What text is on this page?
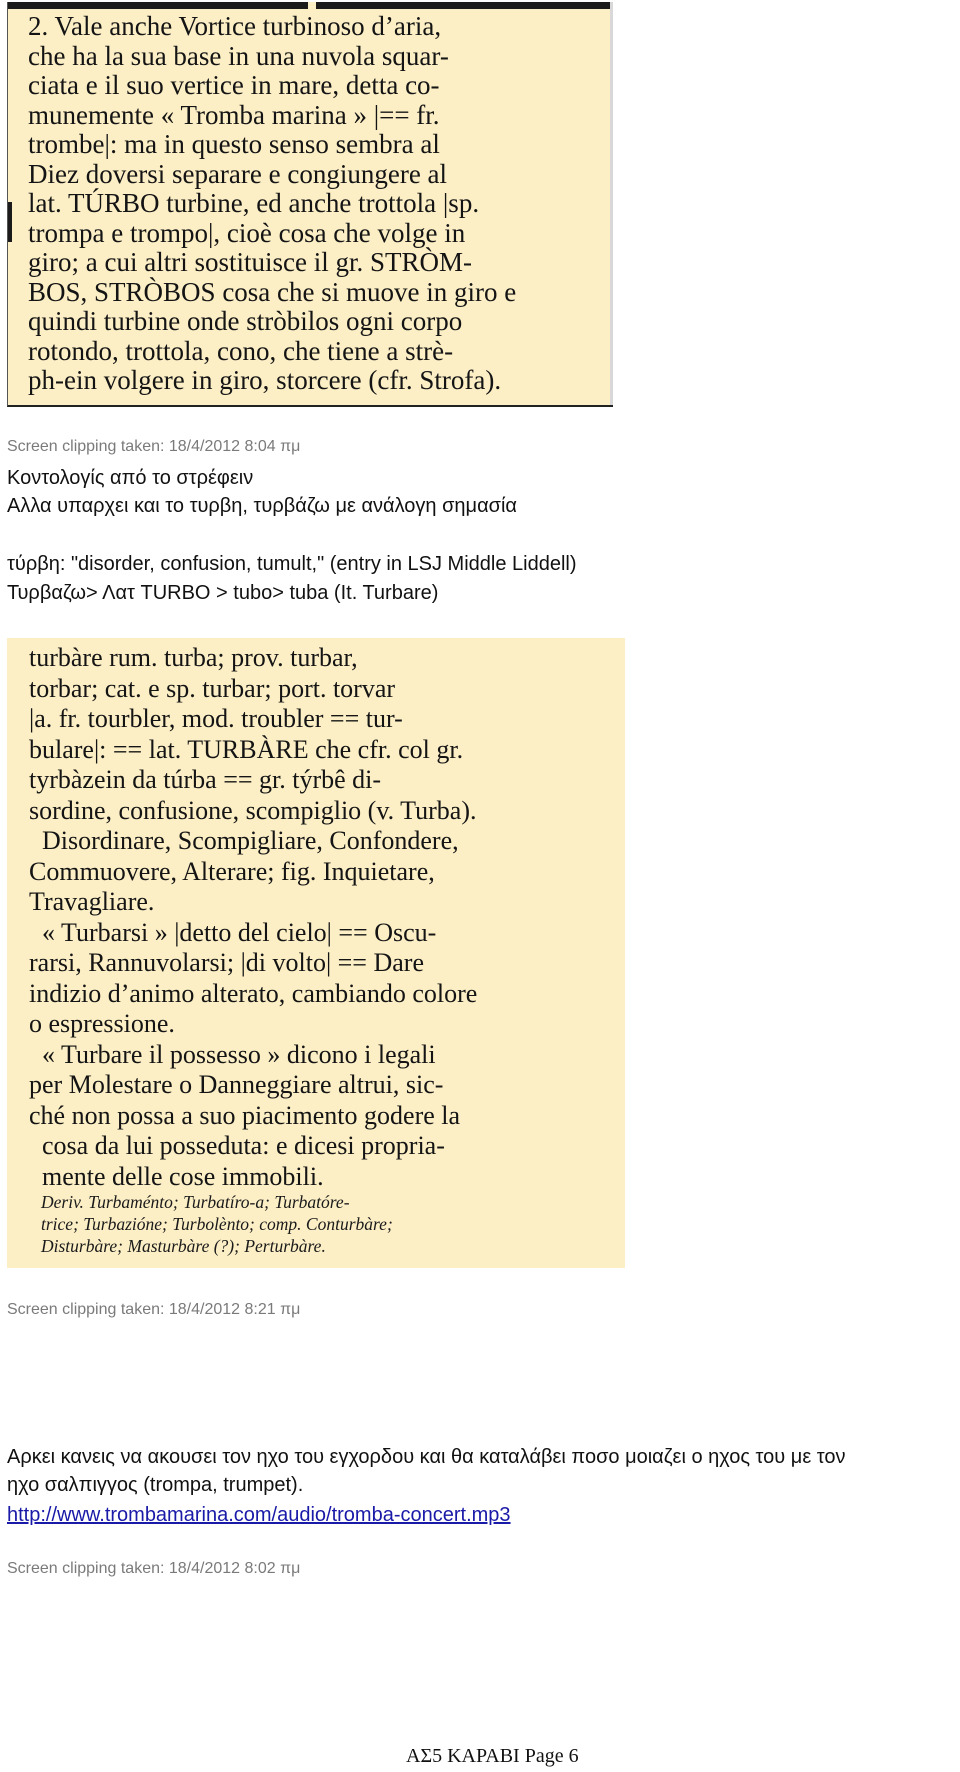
2. Vale anche Vortice turbinoso d’aria,
che ha la sua base in una nuvola squar-
ciata e il suo vertice in mare, detta co-
munemente « Tromba marina » |== fr.
trombe|: ma in questo senso sembra al
Diez doversi separare e congiungere al
lat. TÚRBO turbine, ed anche trottola |sp.
trompa e trompo|, cioè cosa che volge in
giro; a cui altri sostituisce il gr. STRÒM-
BOS, STRÒBOS cosa che si muove in giro e
quindi turbine onde stròbilos ogni corpo
rotondo, trottola, cono, che tiene a strè-
ph-ein volgere in giro, storcere (cfr. Strofa).
Screen clipping taken: 18/4/2012 8:04 πμ
Κοντολογίς από το στρέφειν
Αλλα υπαρχει και το τυρβη, τυρβάζω με ανάλογη σημασία
τύρβη: "disorder, confusion, tumult," (entry in LSJ Middle Liddell)
Τυρβαζω> Λατ TURBO > tubo> tuba (It. Turbare)
turbàre rum. turba; prov. turbar,
torbar; cat. e sp. turbar; port. torvar
|a. fr. tourbler, mod. troubler == tur-
bulare|: == lat. TURBÀRE che cfr. col gr.
tyrbàzein da túrba == gr. týrbê di-
sordine, confusione, scompiglio (v. Turba).
Disordinare, Scompigliare, Confondere,
Commuovere, Alterare; fig. Inquietare,
Travagliare.
« Turbarsi » |detto del cielo| == Oscu-
rarsi, Rannuvolarsi; |di volto| == Dare
indizio d’animo alterato, cambiando colore
o espressione.
« Turbare il possesso » dicono i legali
per Molestare o Danneggiare altrui, sic-
ché non possa a suo piacimento godere la
cosa da lui posseduta: e dicesi propria-
mente delle cose immobili.
Deriv. Turbaménto; Turbatíro-a; Turbatóre-
trice; Turbazióne; Turbolènto; comp. Conturbàre;
Disturbàre; Masturbàre (?); Perturbàre.
Screen clipping taken: 18/4/2012 8:21 πμ
Αρκει κανεις να ακουσει τον ηχο του εγχορδου και θα καταλάβει ποσο μοιαζει ο ηχος του με τον
ηχο σαλπιγγος (trompa, trumpet).
http://www.trombamarina.com/audio/tromba-concert.mp3
Screen clipping taken: 18/4/2012 8:02 πμ
ΑΣ5 ΚΑΡΑΒΙ Page 6
